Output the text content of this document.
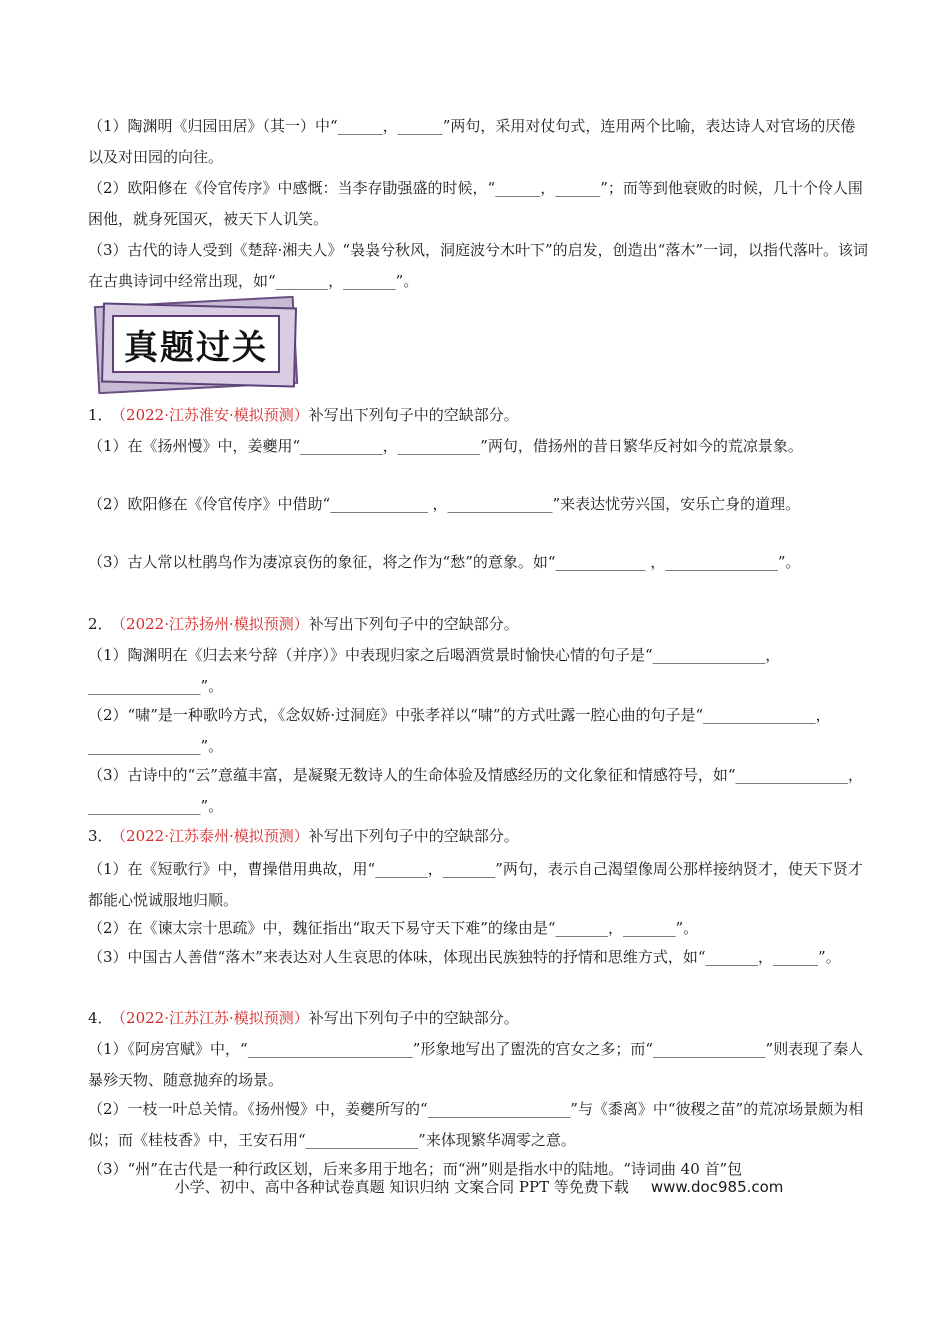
（1）陶渊明《归园田居》（其一）中“______，______”两句，采用对仗句式，连用两个比喻，表达诗人对官场的厌倦以及对田园的向往。

（2）欧阳修在《伶官传序》中感慨：当李存勖强盛的时候，“______，______”；而等到他衰败的时候，几十个伶人围困他，就身死国灭，被天下人讥笑。

（3）古代的诗人受到《楚辞·湘夫人》“袅袅兮秋风，洞庭波兮木叶下”的启发，创造出“落木”一词，以指代落叶。该词在古典诗词中经常出现，如“_______，_______”。

真题过关

1． （2022·江苏淮安·模拟预测）补写出下列句子中的空缺部分。

（1）在《扬州慢》中，姜夔用“___________，___________”两句，借扬州的昔日繁华反衬如今的荒凉景象。

（2）欧阳修在《伶官传序》中借助“_____________ ，______________”来表达忧劳兴国，安乐亡身的道理。

（3）古人常以杜鹃鸟作为凄凉哀伤的象征，将之作为“愁”的意象。如“____________ ，_______________”。

2． （2022·江苏扬州·模拟预测）补写出下列句子中的空缺部分。

（1）陶渊明在《归去来兮辞（并序）》中表现归家之后喝酒赏景时愉快心情的句子是“_______________，_______________”。

（2）“啸”是一种歌吟方式，《念奴娇·过洞庭》中张孝祥以“啸”的方式吐露一腔心曲的句子是“_______________，_______________”。

（3）古诗中的“云”意蕴丰富，是凝聚无数诗人的生命体验及情感经历的文化象征和情感符号，如“_______________，_______________”。

3． （2022·江苏泰州·模拟预测）补写出下列句子中的空缺部分。

（1）在《短歌行》中，曹操借用典故，用“_______，_______”两句，表示自己渴望像周公那样接纳贤才，使天下贤才都能心悦诚服地归顺。

（2）在《谏太宗十思疏》中，魏征指出“取天下易守天下难”的缘由是“_______，_______”。

（3）中国古人善借“落木”来表达对人生哀思的体味，体现出民族独特的抒情和思维方式，如“_______，______”。

4． （2022·江苏江苏·模拟预测）补写出下列句子中的空缺部分。

（1）《阿房宫赋》中，“______________________”形象地写出了盥洗的宫女之多；而“_______________”则表现了秦人暴殄天物、随意抛弃的场景。

（2）一枝一叶总关情。《扬州慢》中，姜夔所写的“___________________”与《黍离》中“彼稷之苗”的荒凉场景颇为相似；而《桂枝香》中，王安石用“_______________”来体现繁华凋零之意。

（3）“州”在古代是一种行政区划，后来多用于地名；而“洲”则是指水中的陆地。“诗词曲 40 首”包

小学、初中、高中各种试卷真题 知识归纳 文案合同 PPT 等免费下载 www.doc985.com
